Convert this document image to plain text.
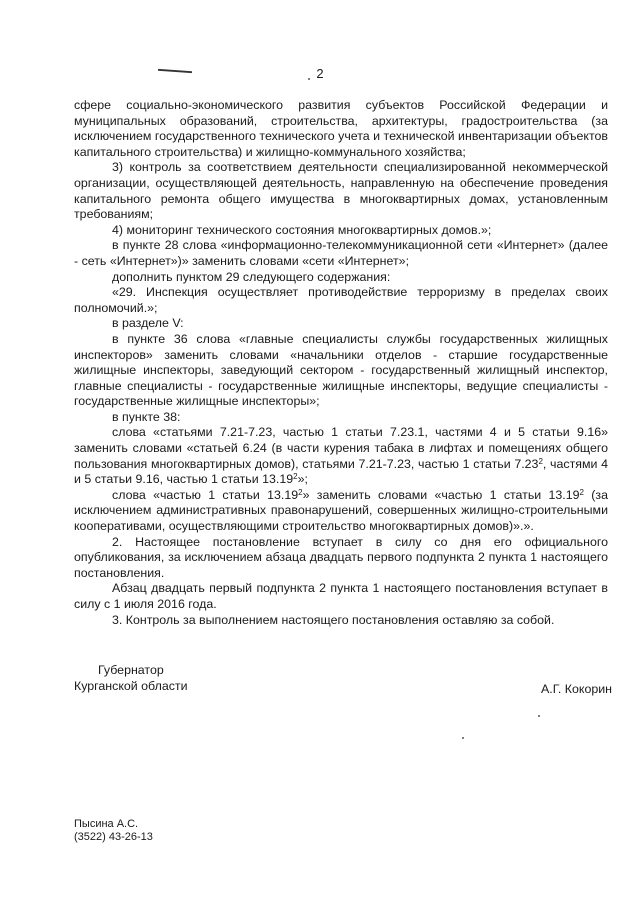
2

сфере социально-экономического развития субъектов Российской Федерации и муниципальных образований, строительства, архитектуры, градостроительства (за исключением государственного технического учета и технической инвентаризации объектов капитального строительства) и жилищно-коммунального хозяйства;

3) контроль за соответствием деятельности специализированной некоммерческой организации, осуществляющей деятельность, направленную на обеспечение проведения капитального ремонта общего имущества в многоквартирных домах, установленным требованиям;

4) мониторинг технического состояния многоквартирных домов.»;

в пункте 28 слова «информационно-телекоммуникационной сети «Интернет» (далее - сеть «Интернет»)» заменить словами «сети «Интернет»;

дополнить пунктом 29 следующего содержания:

«29. Инспекция осуществляет противодействие терроризму в пределах своих полномочий.»;

в разделе V:

в пункте 36 слова «главные специалисты службы государственных жилищных инспекторов» заменить словами «начальники отделов - старшие государственные жилищные инспекторы, заведующий сектором - государственный жилищный инспектор, главные специалисты - государственные жилищные инспекторы, ведущие специалисты - государственные жилищные инспекторы»;

в пункте 38:

слова «статьями 7.21-7.23, частью 1 статьи 7.23.1, частями 4 и 5 статьи 9.16» заменить словами «статьей 6.24 (в части курения табака в лифтах и помещениях общего пользования многоквартирных домов), статьями 7.21-7.23, частью 1 статьи 7.23$^2$, частями 4 и 5 статьи 9.16, частью 1 статьи 13.19$^2$»;

слова «частью 1 статьи 13.19$^2$» заменить словами «частью 1 статьи 13.19$^2$ (за исключением административных правонарушений, совершенных жилищно-строительными кооперативами, осуществляющими строительство многоквартирных домов)».».

2. Настоящее постановление вступает в силу со дня его официального опубликования, за исключением абзаца двадцать первого подпункта 2 пункта 1 настоящего постановления.

Абзац двадцать первый подпункта 2 пункта 1 настоящего постановления вступает в силу с 1 июля 2016 года.

3. Контроль за выполнением настоящего постановления оставляю за собой.

Губернатор
Курганской области	А.Г. Кокорин
Пысина А.С.
(3522) 43-26-13
